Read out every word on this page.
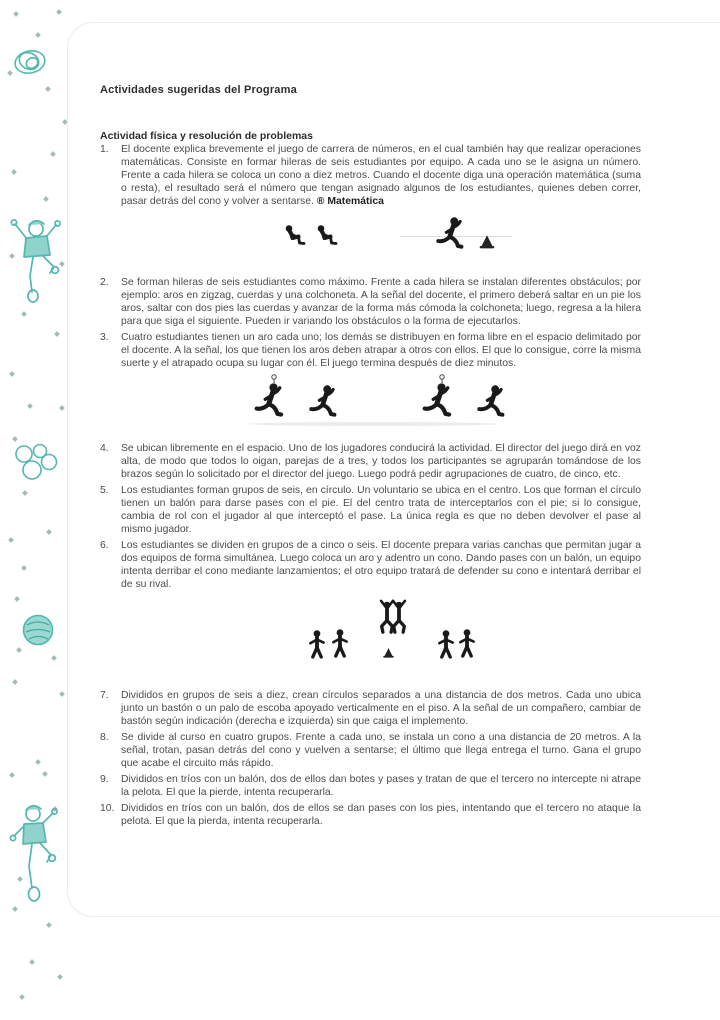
Actividades sugeridas del Programa
Actividad física y resolución de problemas
1. El docente explica brevemente el juego de carrera de números, en el cual también hay que realizar operaciones matemáticas. Consiste en formar hileras de seis estudiantes por equipo. A cada uno se le asigna un número. Frente a cada hilera se coloca un cono a diez metros. Cuando el docente diga una operación matemática (suma o resta), el resultado será el número que tengan asignado algunos de los estudiantes, quienes deben correr, pasar detrás del cono y volver a sentarse. ® Matemática
2. Se forman hileras de seis estudiantes como máximo. Frente a cada hilera se instalan diferentes obstáculos; por ejemplo: aros en zigzag, cuerdas y una colchoneta. A la señal del docente, el primero deberá saltar en un pie los aros, saltar con dos pies las cuerdas y avanzar de la forma más cómoda la colchoneta; luego, regresa a la hilera para que siga el siguiente. Pueden ir variando los obstáculos o la forma de ejecutarlos.
3. Cuatro estudiantes tienen un aro cada uno; los demás se distribuyen en forma libre en el espacio delimitado por el docente. A la señal, los que tienen los aros deben atrapar a otros con ellos. El que lo consigue, corre la misma suerte y el atrapado ocupa su lugar con él. El juego termina después de diez minutos.
4. Se ubican libremente en el espacio. Uno de los jugadores conducirá la actividad. El director del juego dirá en voz alta, de modo que todos lo oigan, parejas de a tres, y todos los participantes se agruparán tomándose de los brazos según lo solicitado por el director del juego. Luego podrá pedir agrupaciones de cuatro, de cinco, etc.
5. Los estudiantes forman grupos de seis, en círculo. Un voluntario se ubica en el centro. Los que forman el círculo tienen un balón para darse pases con el pie. El del centro trata de interceptarlos con el pie; si lo consigue, cambia de rol con el jugador al que interceptó el pase. La única regla es que no deben devolver el pase al mismo jugador.
6. Los estudiantes se dividen en grupos de a cinco o seis. El docente prepara varias canchas que permitan jugar a dos equipos de forma simultánea. Luego coloca un aro y adentro un cono. Dando pases con un balón, un equipo intenta derribar el cono mediante lanzamientos; el otro equipo tratará de defender su cono e intentará derribar el de su rival.
7. Divididos en grupos de seis a diez, crean círculos separados a una distancia de dos metros. Cada uno ubica junto un bastón o un palo de escoba apoyado verticalmente en el piso. A la señal de un compañero, cambiar de bastón según indicación (derecha e izquierda) sin que caiga el implemento.
8. Se divide al curso en cuatro grupos. Frente a cada uno, se instala un cono a una distancia de 20 metros. A la señal, trotan, pasan detrás del cono y vuelven a sentarse; el último que llega entrega el turno. Gana el grupo que acabe el circuito más rápido.
9. Divididos en tríos con un balón, dos de ellos dan botes y pases y tratan de que el tercero no intercepte ni atrape la pelota. El que la pierde, intenta recuperarla.
10. Divididos en tríos con un balón, dos de ellos se dan pases con los pies, intentando que el tercero no ataque la pelota. El que la pierda, intenta recuperarla.
